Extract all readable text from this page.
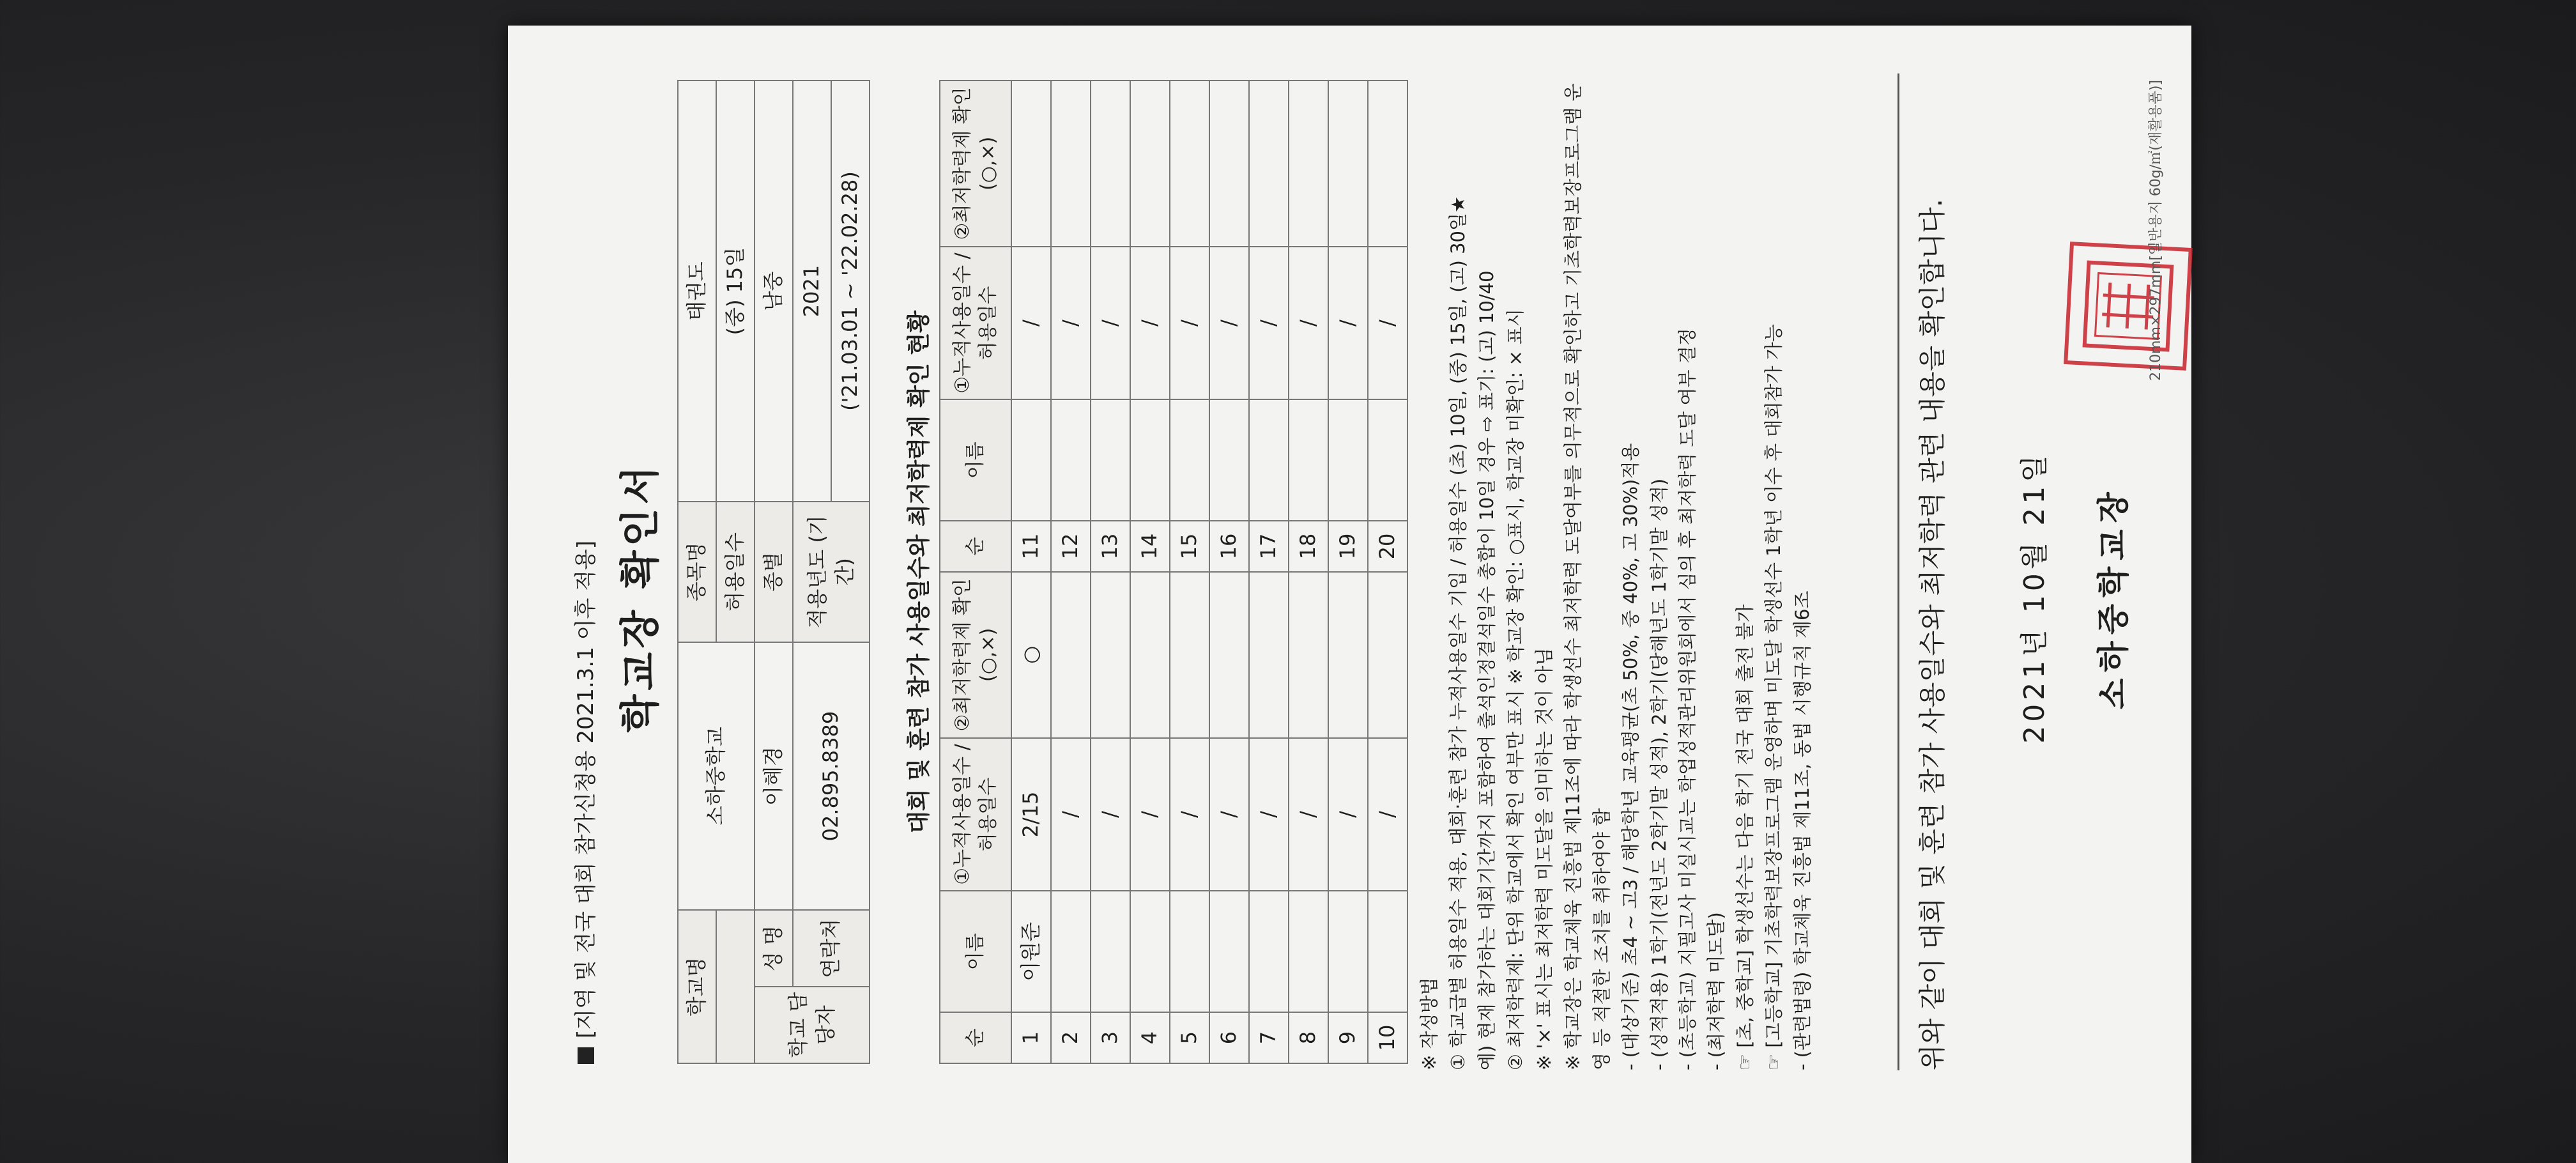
[지역 및 전국 대회 참가신청용 2021.3.1 이후 적용] 학교장 확인서
학교명		소하중학교	종목명	태권도
			허용일수	(중) 15일
학교 담당자	성 명	이혜경	종별	남중
	연락처	02.895.8389	적용년도 (기간)	2021
				('21.03.01 ~ '22.02.28)
대회 및 훈련 참가 사용일수와 최저학력제 확인 현황
순	이름	①누적사용일수 /허용일수	②최저학력제 확인(○,×)	순	이름	①누적사용일수 /허용일수	②최저학력제 확인(○,×)
1	이원준	2/15	○	11		/	
2		/		12		/	
3		/		13		/	
4		/		14		/	
5		/		15		/	
6		/		16		/	
7		/		17		/	
8		/		18		/	
9		/		19		/	
10		/		20		/	

※ 작성방법 ① 학교급별 허용일수 적용, 대회·훈련 참가 누적사용일수 기입 / 허용일수 (초) 10일, (중) 15일, (고) 30일★ 예) 현재 참가하는 대회기간까지 포함하여 출석인정결석일수 총합이 10일 경우 ⇨ 표기: (고) 10/40 ② 최저학력제: 단위 학교에서 확인 여부만 표시 ※ 학교장 확인: ○표시, 학교장 미확인: × 표시 ※ '×' 표시는 최저학력 미도달을 의미하는 것이 아님 ※ 학교장은 학교체육 진흥법 제11조에 따라 학생선수 최저학력 도달여부를 의무적으로 확인하고 기초학력보장프로그램 운영 등 적절한 조치를 취하여야 함 - (대상기준) 초4 ~ 고3 / 해당학년 교육평균(초 50%, 중 40%, 고 30%)적용 - (성적적용) 1학기(전년도 2학기말 성적), 2학기(당해년도 1학기말 성적) - (초등학교) 지필고사 미실시교는 학업성적관리위원회에서 심의 후 최저학력 도달 여부 결정 - (최저학력 미도달) ☞ [초, 중학교] 학생선수는 다음 학기 전국 대회 출전 불가 ☞ [고등학교] 기초학력보장프로그램 운영하며 미도달 학생선수 1학년 이수 후 대회참가 가능 - (관련법령) 학교체육 진흥법 제11조, 동법 시행규칙 제6조	위와 같이 대회 및 훈련 참가 사용일수와 최저학력 관련 내용을 확인합니다.	2021년 10월 21일 소하중학교장
210mm×297mm[일반용지 60g/㎡(재활용품)]
